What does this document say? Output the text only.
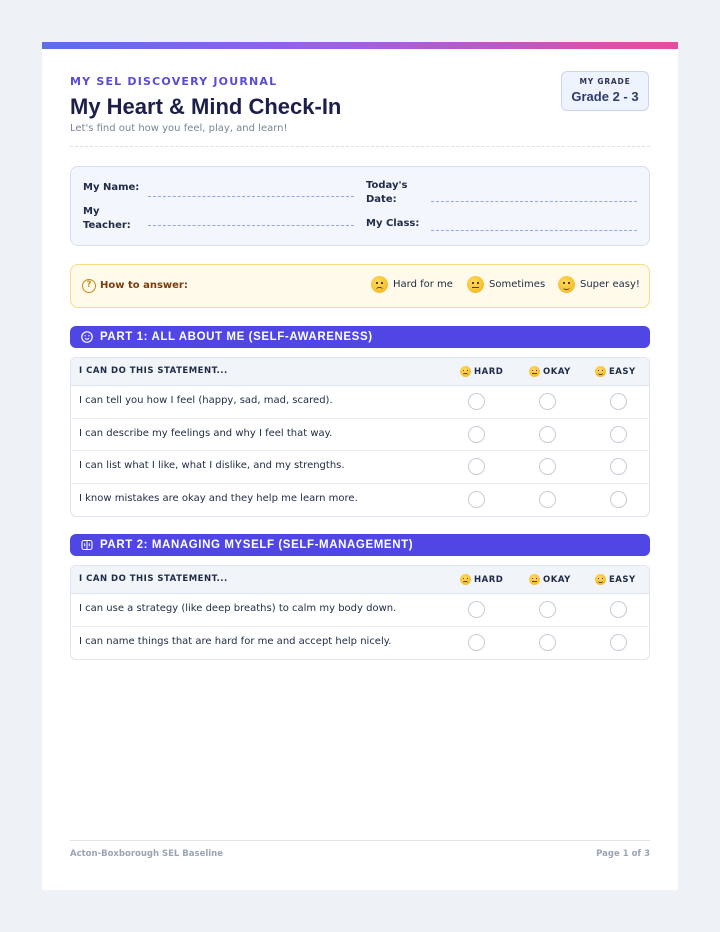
MY SEL DISCOVERY JOURNAL
My Heart & Mind Check-In
Let's find out how you feel, play, and learn!
MY GRADE
Grade 2 - 3
My Name:
My Teacher:
Today's Date:
My Class:
? How to answer:	Hard for me	Sometimes	Super easy!
PART 1: ALL ABOUT ME (SELF-AWARENESS)
I CAN DO THIS STATEMENT...	HARD	OKAY	EASY
I can tell you how I feel (happy, sad, mad, scared).
I can describe my feelings and why I feel that way.
I can list what I like, what I dislike, and my strengths.
I know mistakes are okay and they help me learn more.
PART 2: MANAGING MYSELF (SELF-MANAGEMENT)
I CAN DO THIS STATEMENT...	HARD	OKAY	EASY
I can use a strategy (like deep breaths) to calm my body down.
I can name things that are hard for me and accept help nicely.
Acton-Boxborough SEL Baseline	Page 1 of 3
